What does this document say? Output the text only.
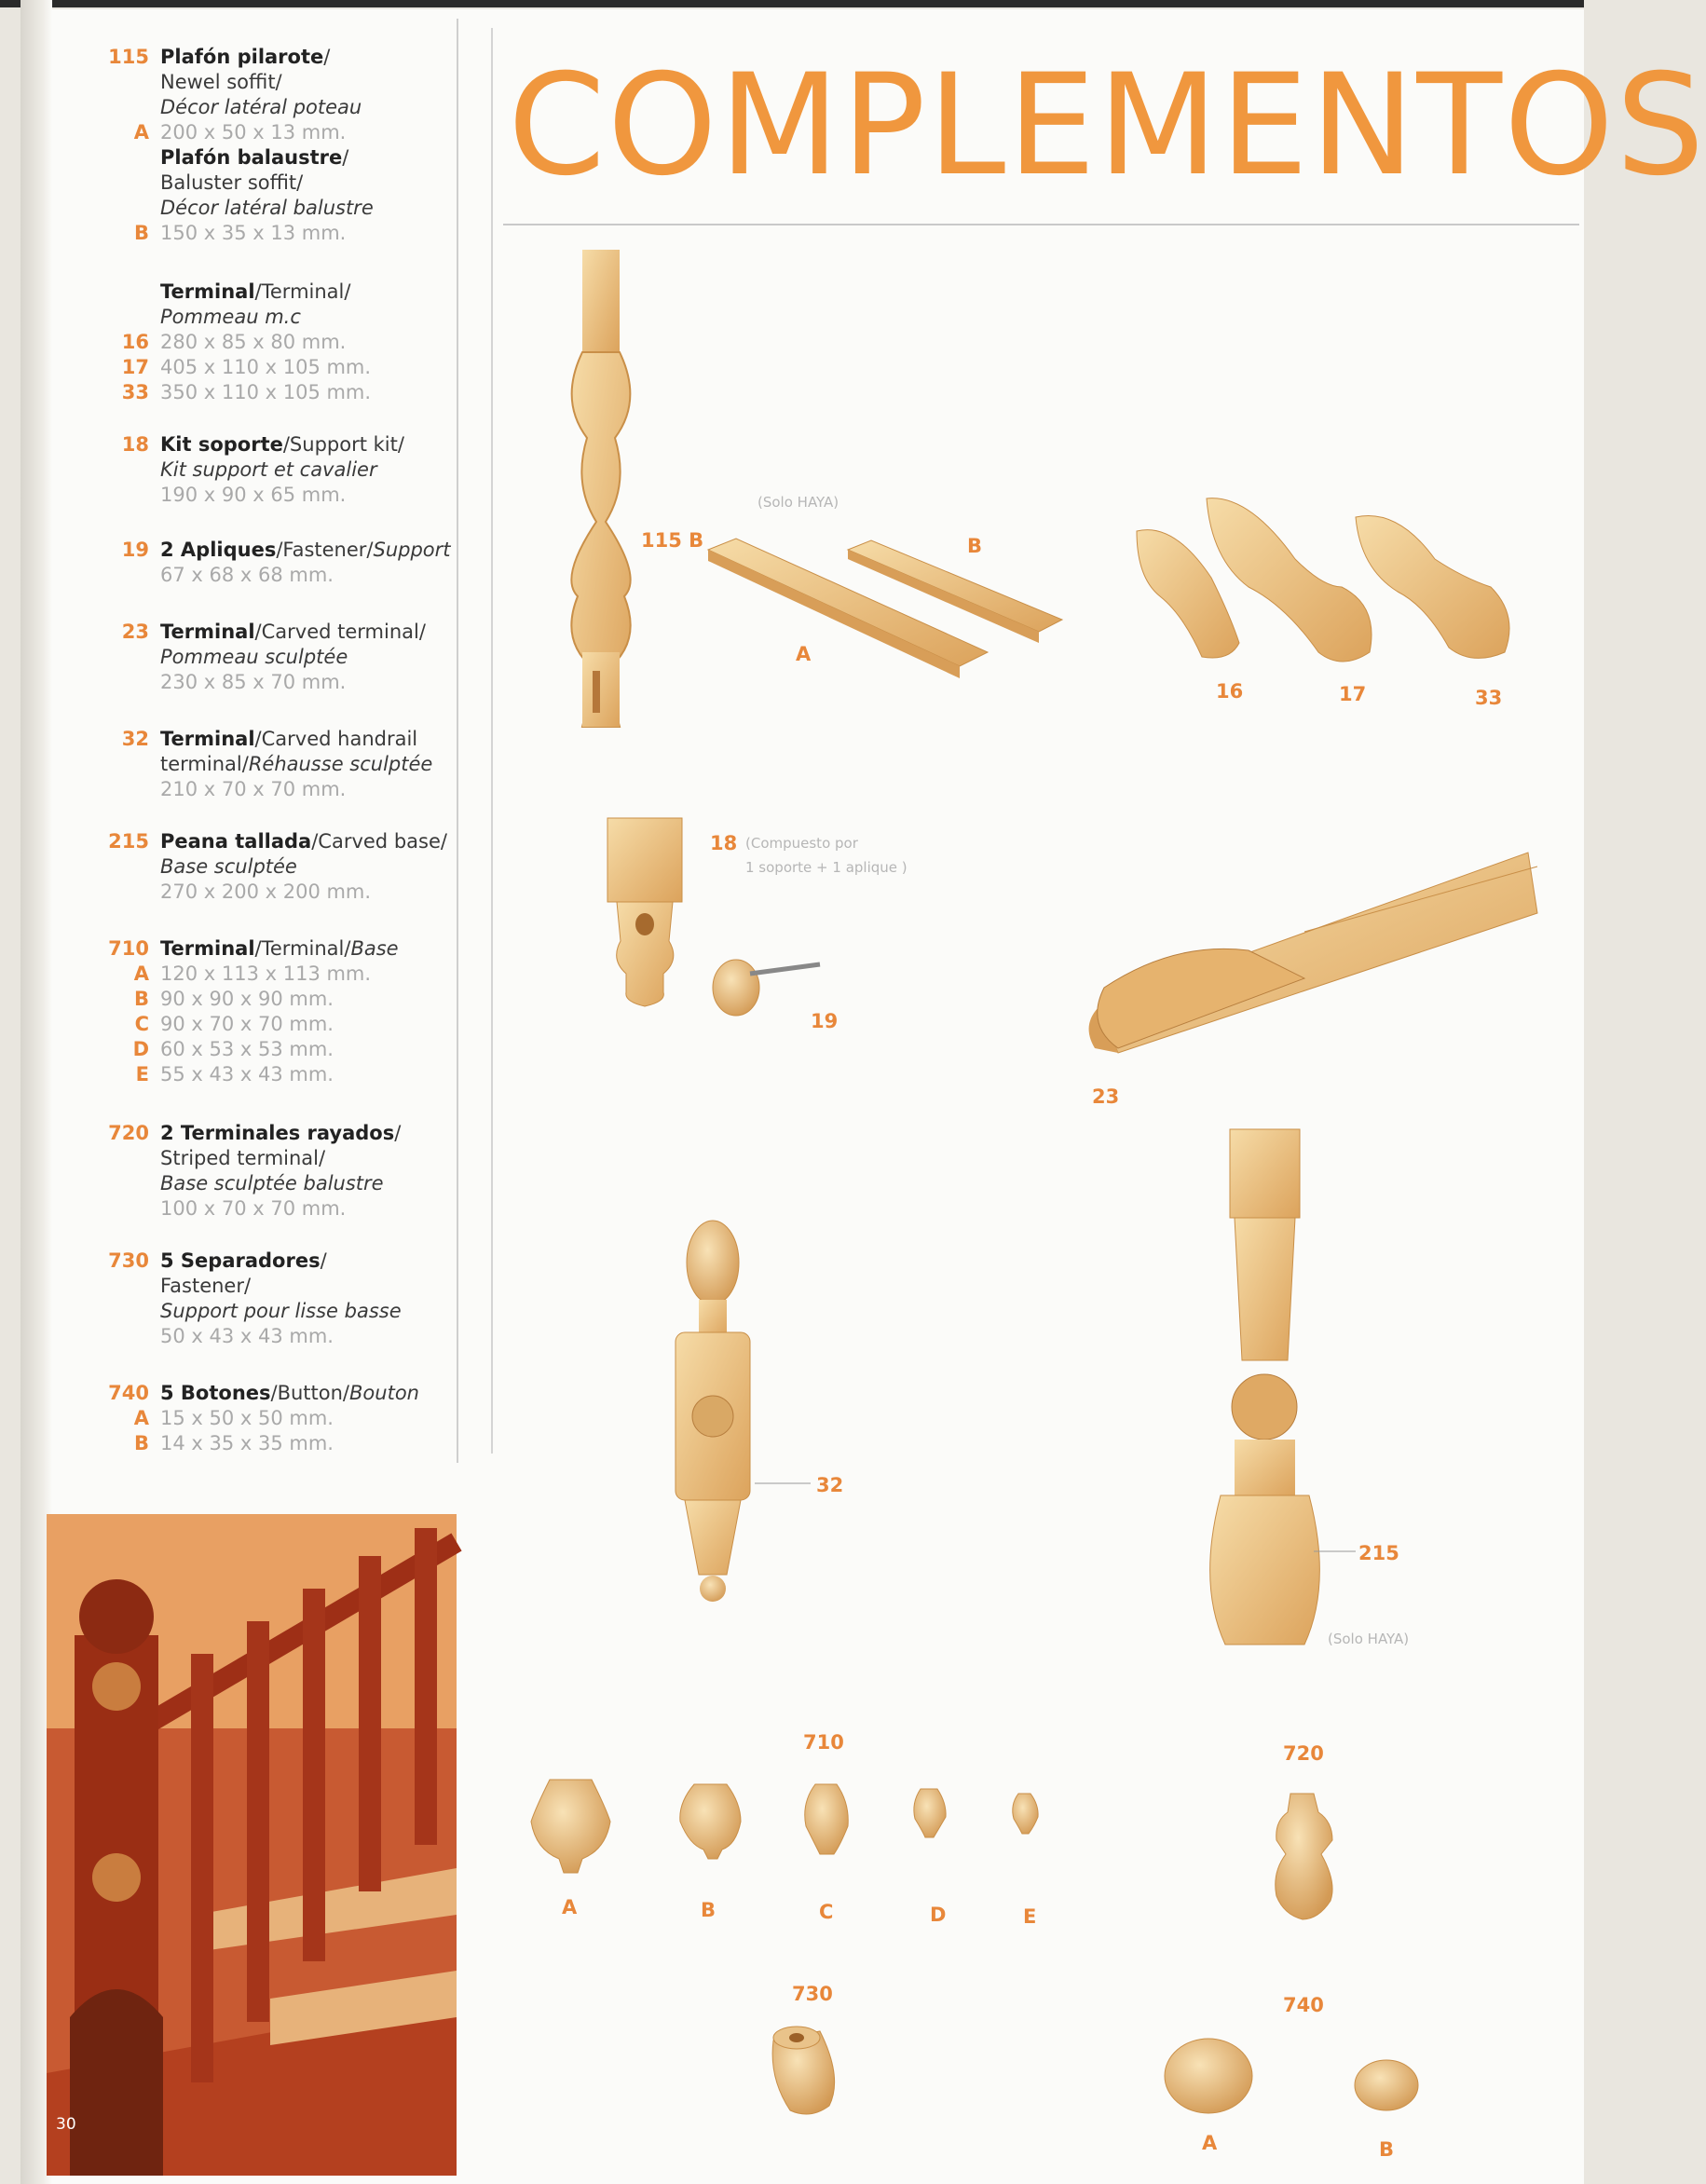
115 Plafón pilarote/
Newel soffit/
Décor latéral poteau
A 200 x 50 x 13 mm.
Plafón balaustre/
Baluster soffit/
Décor latéral balustre
B 150 x 35 x 13 mm.
Terminal/Terminal/
Pommeau m.c
16 280 x 85 x 80 mm.
17 405 x 110 x 105 mm.
33 350 x 110 x 105 mm.
18 Kit soporte/Support kit/
Kit support et cavalier
190 x 90 x 65 mm.
19 2 Apliques/Fastener/Support
67 x 68 x 68 mm.
23 Terminal/Carved terminal/
Pommeau sculptée
230 x 85 x 70 mm.
32 Terminal/Carved handrail
terminal/Réhausse sculptée
210 x 70 x 70 mm.
215 Peana tallada/Carved base/
Base sculptée
270 x 200 x 200 mm.
710 Terminal/Terminal/Base
A 120 x 113 x 113 mm.
B 90 x 90 x 90 mm.
C 90 x 70 x 70 mm.
D 60 x 53 x 53 mm.
E 55 x 43 x 43 mm.
720 2 Terminales rayados/
Striped terminal/
Base sculptée balustre
100 x 70 x 70 mm.
730 5 Separadores/
Fastener/
Support pour lisse basse
50 x 43 x 43 mm.
740 5 Botones/Button/Bouton
A 15 x 50 x 50 mm.
B 14 x 35 x 35 mm.
COMPLEMENTOS
115 B	B
A
16	17	33
(Solo HAYA)
18 (Compuesto por
1 soporte + 1 aplique )
19
23
32
215
(Solo HAYA)
710	720
A	B	C	D	E
730	740
A	B
30
